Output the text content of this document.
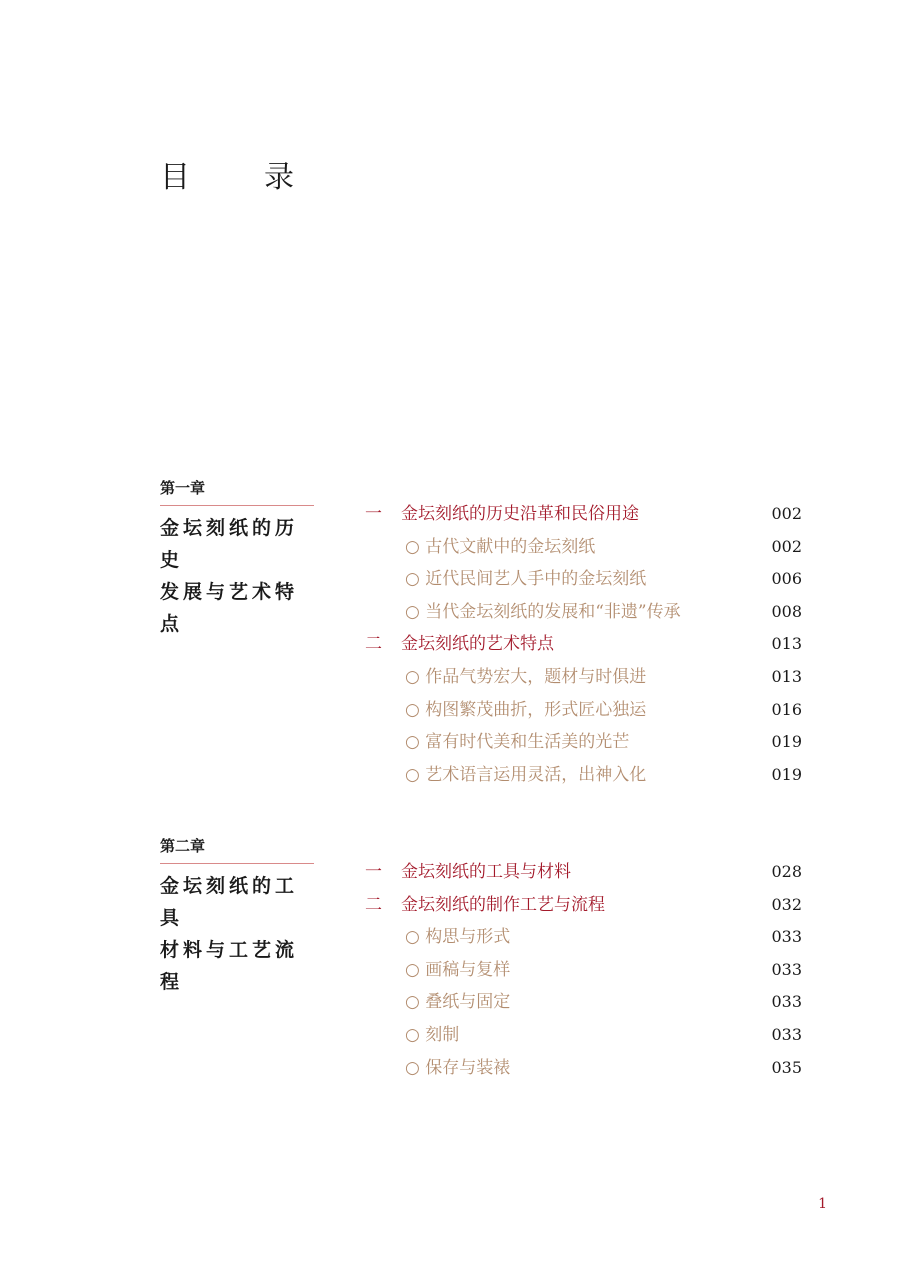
目　录
第一章
金坛刻纸的历史
发展与艺术特点
一 金坛刻纸的历史沿革和民俗用途	002
○ 古代文献中的金坛刻纸	002
○ 近代民间艺人手中的金坛刻纸	006
○ 当代金坛刻纸的发展和“非遗”传承	008
二 金坛刻纸的艺术特点	013
○ 作品气势宏大，题材与时俱进	013
○ 构图繁茂曲折，形式匠心独运	016
○ 富有时代美和生活美的光芒	019
○ 艺术语言运用灵活，出神入化	019
第二章
金坛刻纸的工具
材料与工艺流程
一 金坛刻纸的工具与材料	028
二 金坛刻纸的制作工艺与流程	032
○ 构思与形式	033
○ 画稿与复样	033
○ 叠纸与固定	033
○ 刻制	033
○ 保存与装裱	035
1
